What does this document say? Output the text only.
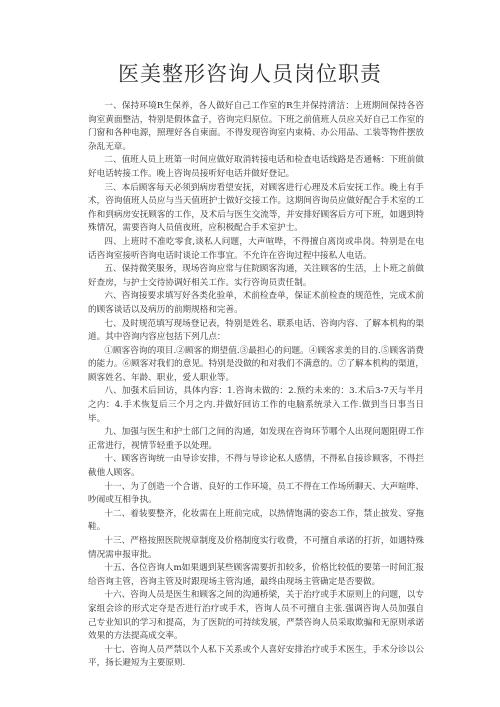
医美整形咨询人员岗位职责

一、保持环境R生保养，各人做好自己工作室的R生并保持清洁：上班期间保持各咨询室黄面整洁，特别是假体盒子，咨询完归原位。下班之前值班人员应关好自己工作室的门窗和各种电源，照理好各自柬面。不得发现咨询室内束椅、办公用品、工装等物件摆放杂乱无章。

二、值班人员上班第一时间应做好取消转接电话和检查电话线路是否通畅：下班前做好电话转接工作。晚上咨询员接听好电话并做好登记。

三、本后顾客每天必须到病房看望安抚，对顾客进行心理及术后安抚工作。晚上有手术，咨询值班人员应与当天值班护士做好交接工作。这期间咨询员应做好配合手术室的工作和到病房安抚顾客的工作，及术后与医生交流等，并安排好顾客后方可下班，如遇到特殊情况，需要咨询人员值夜班，应积极配合手术室护士。

四、上班时不准吃零食,谈私人问题，大声喧哗，不得擅自离岗或串岗。特别是在电话咨询室接听咨询电话时谈论工作事宜。不允许在咨询过程中接私人电话。

五、保持微笑服务，现场咨询应常与住院顾客沟通，关注顾客的生活，上卜班之前做好查房，与护士交待协调好相关工作。实行咨询员责任制。

六、咨询接要求填写好各类化验单，术前检查单，保证术前检查的规范性，完成术前的顾客谈话以及病历的前期规格和完善。

七、及时规范填写现场登记表，特别是姓名、联系电话、咨询内容、了解本机构的渠道。其中咨询内容应包括下列几点：

①顾客咨询的项目.②顾客的期望值.③最担心的问题。④顾客求美的目的.⑤顾客消费的能力。⑥顾客对我们的意见。特别是没做的和对我们不满意的。⑦了解本机构的渠道，顾客姓名、年龄、职业，爱人职业等。

八、加强术后回访，具体内容：1.咨询未做的：2.预约未来的：3.术后3-7天与半月之内：4.手术恢复后三个月之内.并做好回访工作的电脑系统录入工作.做到当日事当日毕。

九、加强与医生和护士部门之间的沟通，如发现在咨询环节哪个人出现问题阻碍工作正常进行，视情节轻重予以处理。

十、顾客咨询统一由导诊安排，不得与导诊论私人感情，不得私自接诊顾客，不得拦截他人顾客。

十一、为了创造一个合谐、良好的工作环境，员工不得在工作场所聊天、大声喧哗、吵闹或互相争执。

十二、着装要整齐，化妆需在上班前完成，以热情饱满的姿态工作，禁止披发、穿拖鞋。

十三、严格按照医院规章制度及价格制度实行收费，不可擅自承诺的打折，如遇特殊情况需申报审批。

十五、各位咨询人m如果遇到某些顾客需要折扣较多，价格比较低的要第一时间汇报给咨询主管，咨询主管及时跟现场主管沟通，最终由现场主管确定是否要做。

十六、咨询人员是医生和顾客之间的沟通桥梁，关于治疗或手术原则上的问题，以专家组会诊的形式定夺是否进行治疗或手术，咨询人员不可擅自主张.强调咨询人员加强自己专业知识的学习和提高，为了医院的可持续发展，严禁咨询人员采取欺骗和无原则承诺效果的方法提高成交率。

十七、咨询人员严禁以个人私下关系或个人喜好安排治疗或手术医生，手术分诊以公平，扬长避短为主要原则.
